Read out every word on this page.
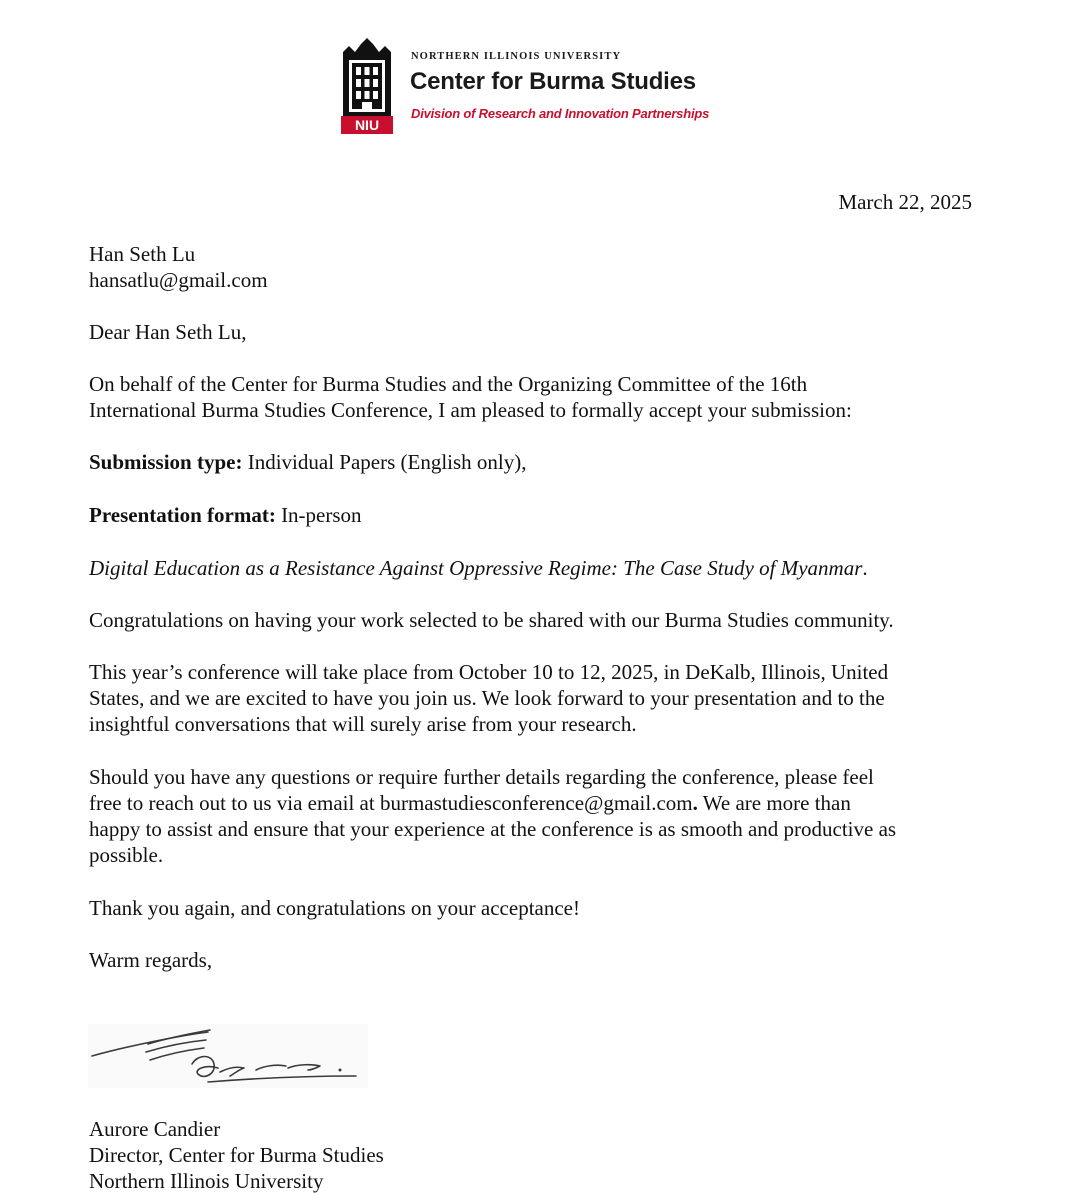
NIU
NORTHERN ILLINOIS UNIVERSITY
Center for Burma Studies
Division of Research and Innovation Partnerships
March 22, 2025
Han Seth Lu
hansatlu@gmail.com
Dear Han Seth Lu,
On behalf of the Center for Burma Studies and the Organizing Committee of the 16th
International Burma Studies Conference, I am pleased to formally accept your submission:
Submission type: Individual Papers (English only),
Presentation format: In-person
Digital Education as a Resistance Against Oppressive Regime: The Case Study of Myanmar.
Congratulations on having your work selected to be shared with our Burma Studies community.
This year’s conference will take place from October 10 to 12, 2025, in DeKalb, Illinois, United
States, and we are excited to have you join us. We look forward to your presentation and to the
insightful conversations that will surely arise from your research.
Should you have any questions or require further details regarding the conference, please feel
free to reach out to us via email at burmastudiesconference@gmail.com. We are more than
happy to assist and ensure that your experience at the conference is as smooth and productive as
possible.
Thank you again, and congratulations on your acceptance!
Warm regards,
Aurore Candier
Director, Center for Burma Studies
Northern Illinois University
